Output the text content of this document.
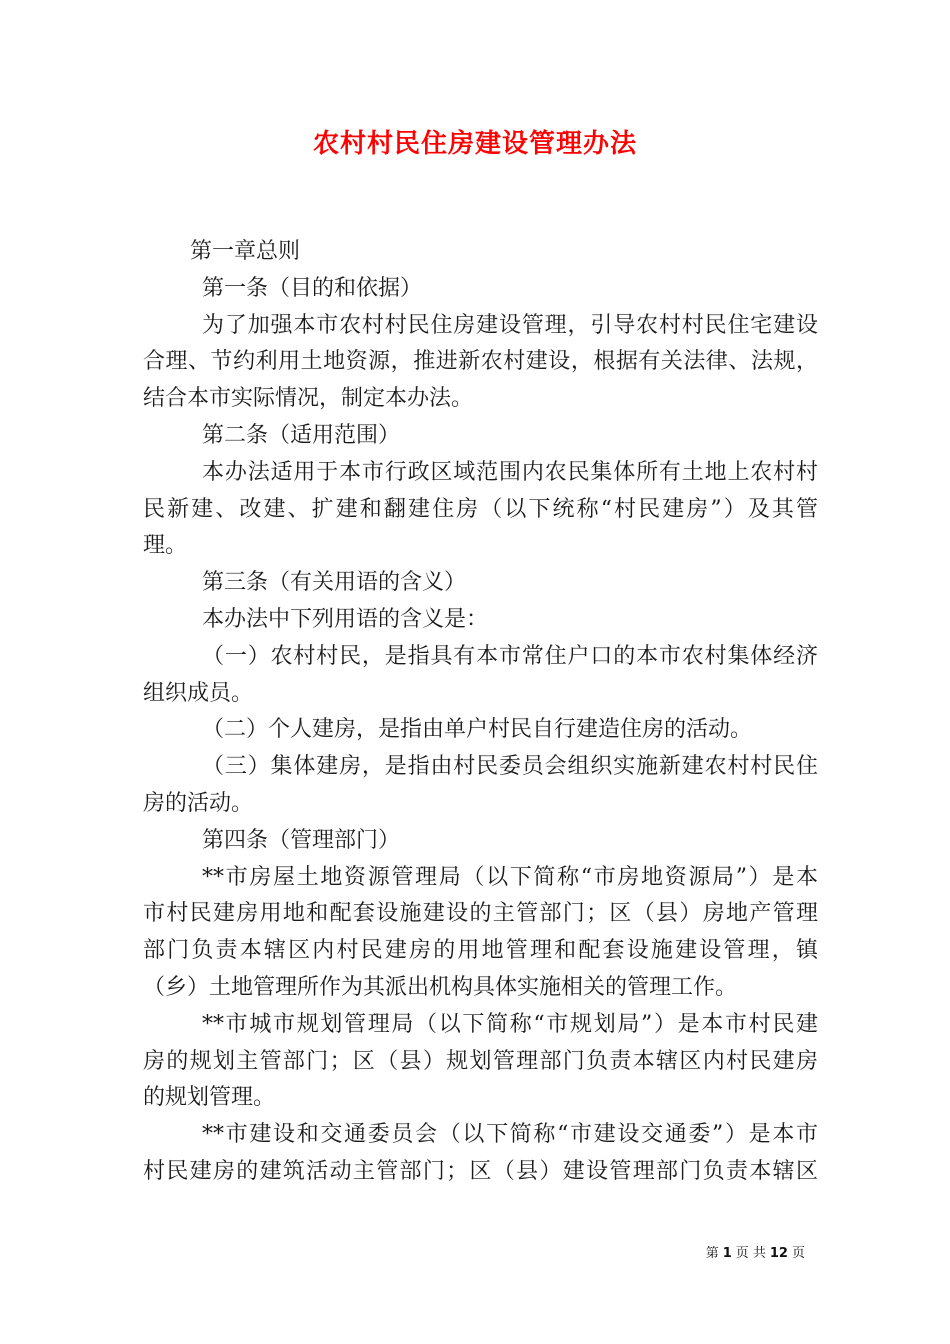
农村村民住房建设管理办法
第一章总则
第一条（目的和依据）
为了加强本市农村村民住房建设管理，引导农村村民住宅建设
合理、节约利用土地资源，推进新农村建设，根据有关法律、法规，
结合本市实际情况，制定本办法。
第二条（适用范围）
本办法适用于本市行政区域范围内农民集体所有土地上农村村
民新建、改建、扩建和翻建住房（以下统称“村民建房”）及其管
理。
第三条（有关用语的含义）
本办法中下列用语的含义是：
（一）农村村民，是指具有本市常住户口的本市农村集体经济
组织成员。
（二）个人建房，是指由单户村民自行建造住房的活动。
（三）集体建房，是指由村民委员会组织实施新建农村村民住
房的活动。
第四条（管理部门）
**市房屋土地资源管理局（以下简称“市房地资源局”）是本
市村民建房用地和配套设施建设的主管部门；区（县）房地产管理
部门负责本辖区内村民建房的用地管理和配套设施建设管理，镇
（乡）土地管理所作为其派出机构具体实施相关的管理工作。
**市城市规划管理局（以下简称“市规划局”）是本市村民建
房的规划主管部门；区（县）规划管理部门负责本辖区内村民建房
的规划管理。
**市建设和交通委员会（以下简称“市建设交通委”）是本市
村民建房的建筑活动主管部门；区（县）建设管理部门负责本辖区
第 1 页 共 12 页
